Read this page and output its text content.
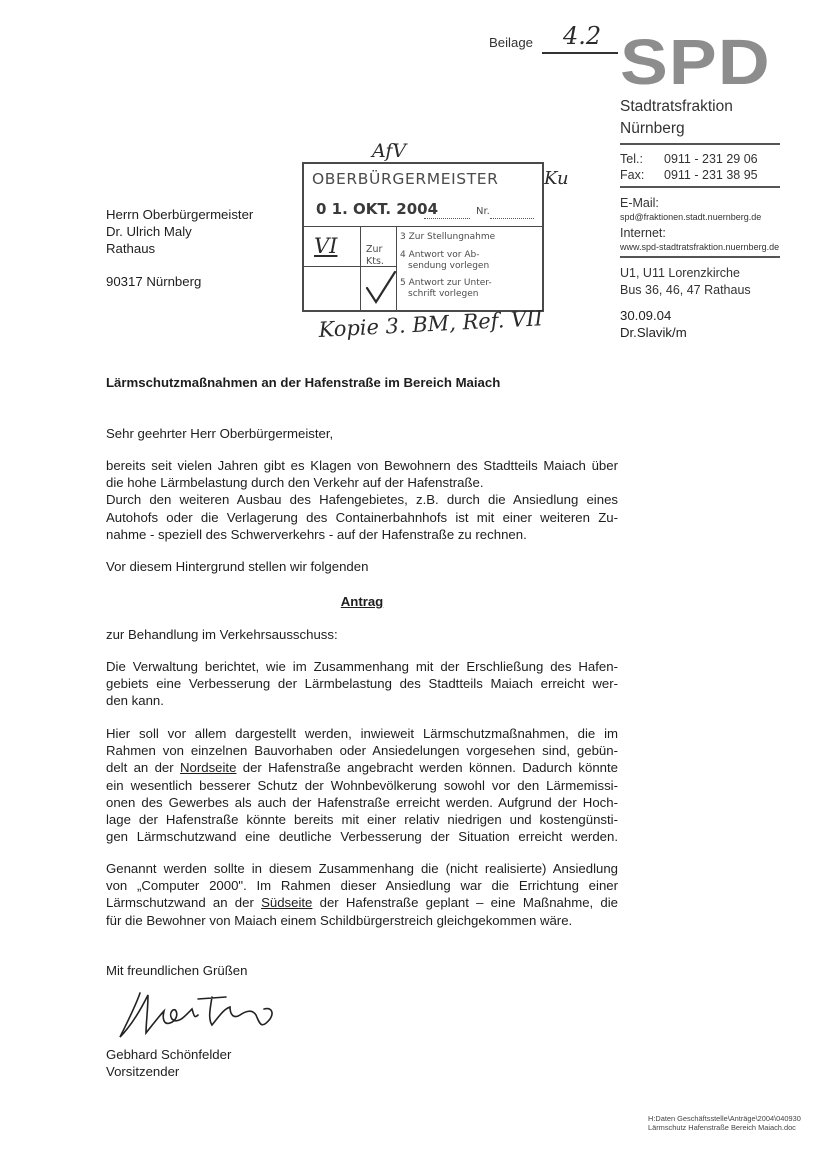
Beilage 4.2 SPD
Stadtratsfraktion
Nürnberg
Tel.: 0911 - 231 29 06
Fax: 0911 - 231 38 95
E-Mail:
spd@fraktionen.stadt.nuernberg.de
Internet:
www.spd-stadtratsfraktion.nuernberg.de
U1, U11 Lorenzkirche
Bus 36, 46, 47 Rathaus
30.09.04
Dr.Slavik/m
AfV
OBERBÜRGERMEISTER
0 1. OKT. 2004	Nr.
VI	Zur
Kts.
3 Zur Stellungnahme
4 Antwort vor Ab-
sendung vorlegen
5 Antwort zur Unter-
schrift vorlegen
Ku
Kopie 3. BM, Ref. VII
Herrn Oberbürgermeister
Dr. Ulrich Maly
Rathaus
90317 Nürnberg
Lärmschutzmaßnahmen an der Hafenstraße im Bereich Maiach
Sehr geehrter Herr Oberbürgermeister,
bereits seit vielen Jahren gibt es Klagen von Bewohnern des Stadtteils Maiach über
die hohe Lärmbelastung durch den Verkehr auf der Hafenstraße.
Durch den weiteren Ausbau des Hafengebietes, z.B. durch die Ansiedlung eines
Autohofs oder die Verlagerung des Containerbahnhofs ist mit einer weiteren Zu-
nahme - speziell des Schwerverkehrs - auf der Hafenstraße zu rechnen.
Vor diesem Hintergrund stellen wir folgenden
Antrag
zur Behandlung im Verkehrsausschuss:
Die Verwaltung berichtet, wie im Zusammenhang mit der Erschließung des Hafen-
gebiets eine Verbesserung der Lärmbelastung des Stadtteils Maiach erreicht wer-
den kann.
Hier soll vor allem dargestellt werden, inwieweit Lärmschutzmaßnahmen, die im
Rahmen von einzelnen Bauvorhaben oder Ansiedelungen vorgesehen sind, gebün-
delt an der Nordseite der Hafenstraße angebracht werden können. Dadurch könnte
ein wesentlich besserer Schutz der Wohnbevölkerung sowohl vor den Lärmemissi-
onen des Gewerbes als auch der Hafenstraße erreicht werden. Aufgrund der Hoch-
lage der Hafenstraße könnte bereits mit einer relativ niedrigen und kostengünsti-
gen Lärmschutzwand eine deutliche Verbesserung der Situation erreicht werden.
Genannt werden sollte in diesem Zusammenhang die (nicht realisierte) Ansiedlung
von „Computer 2000". Im Rahmen dieser Ansiedlung war die Errichtung einer
Lärmschutzwand an der Südseite der Hafenstraße geplant – eine Maßnahme, die
für die Bewohner von Maiach einem Schildbürgerstreich gleichgekommen wäre.
Mit freundlichen Grüßen
Gebhard Schönfelder
Vorsitzender
H:Daten Geschäftsstelle\Anträge\2004\040930
Lärmschutz Hafenstraße Bereich Maiach.doc
